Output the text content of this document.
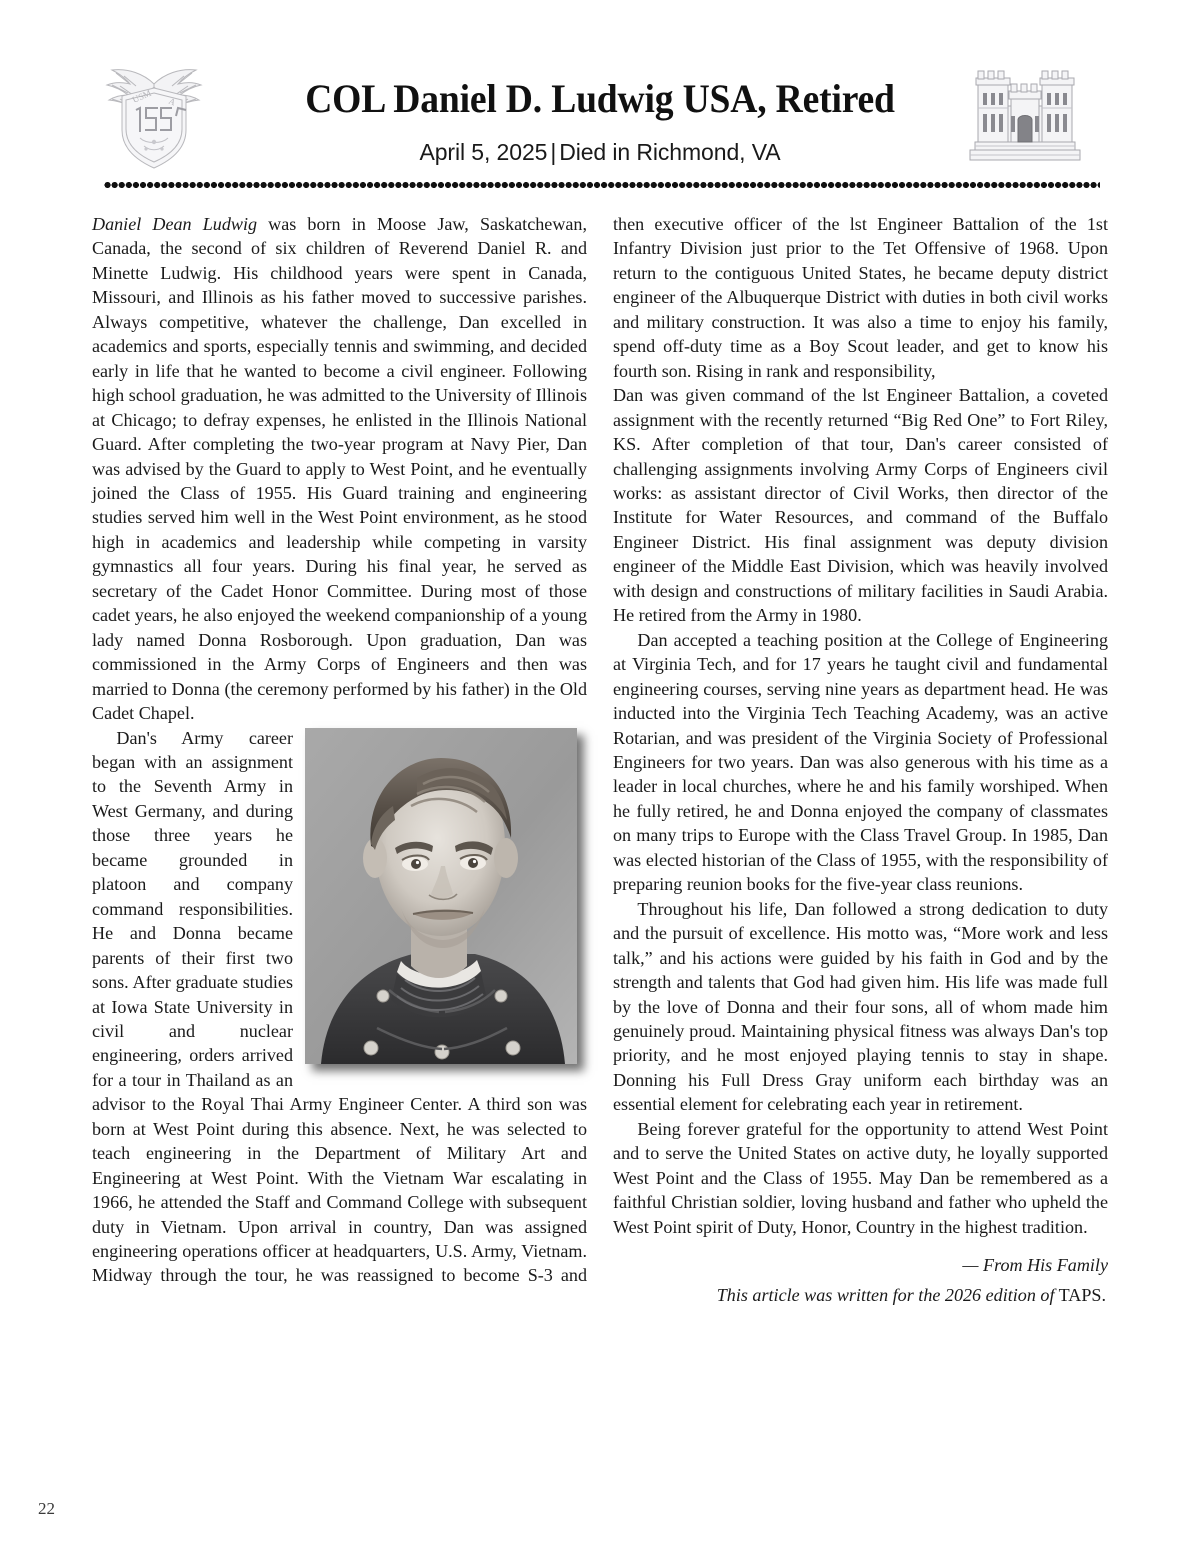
USM A	COL Daniel D. Ludwig USA, Retired

April 5, 2025 | Died in Richmond, VA

Daniel Dean Ludwig was born in Moose Jaw, Saskatchewan, Canada, the second of six children of Reverend Daniel R. and Minette Ludwig. His childhood years were spent in Canada, Missouri, and Illinois as his father moved to successive parishes. Always competitive, whatever the challenge, Dan excelled in academics and sports, especially tennis and swimming, and decided early in life that he wanted to become a civil engineer. Following high school graduation, he was admitted to the University of Illinois at Chicago; to defray expenses, he enlisted in the Illinois National Guard. After completing the two-year program at Navy Pier, Dan was advised by the Guard to apply to West Point, and he eventually joined the Class of 1955. His Guard training and engineering studies served him well in the West Point environment, as he stood high in academics and leadership while competing in varsity gymnastics all four years. During his final year, he served as secretary of the Cadet Honor Committee. During most of those cadet years, he also enjoyed the weekend companionship of a young lady named Donna Rosborough. Upon graduation, Dan was commissioned in the Army Corps of Engineers and then was married to Donna (the ceremony performed by his father) in the Old Cadet Chapel.

Dan's Army career began with an assignment to the Seventh Army in West Germany, and during those three years he became grounded in platoon and company command responsibilities. He and Donna became parents of their first two sons. After graduate studies at Iowa State University in civil and nuclear engineering, orders arrived for a tour in Thailand as an advisor to the Royal Thai Army Engineer Center. A third son was born at West Point during this absence. Next, he was selected to teach engineering in the Department of Military Art and Engineering at West Point. With the Vietnam War escalating in 1966, he attended the Staff and Command College with subsequent duty in Vietnam. Upon arrival in country, Dan was assigned engineering operations officer at headquarters, U.S. Army, Vietnam. Midway through the tour, he was reassigned to become S-3 and then executive officer of the lst Engineer Battalion of the 1st Infantry Division just prior to the Tet Offensive of 1968. Upon return to the contiguous United States, he became deputy district engineer of the Albuquerque District with duties in both civil works and military construction. It was also a time to enjoy his family, spend off-duty time as a Boy Scout leader, and get to know his fourth son. Rising in rank and responsibility,

Dan was given command of the lst Engineer Battalion, a coveted assignment with the recently returned “Big Red One” to Fort Riley, KS. After completion of that tour, Dan's career consisted of challenging assignments involving Army Corps of Engineers civil works: as assistant director of Civil Works, then director of the Institute for Water Resources, and command of the Buffalo Engineer District. His final assignment was deputy division engineer of the Middle East Division, which was heavily involved with design and constructions of military facilities in Saudi Arabia. He retired from the Army in 1980.

Dan accepted a teaching position at the College of Engineering at Virginia Tech, and for 17 years he taught civil and fundamental engineering courses, serving nine years as department head. He was inducted into the Virginia Tech Teaching Academy, was an active Rotarian, and was president of the Virginia Society of Professional Engineers for two years. Dan was also generous with his time as a leader in local churches, where he and his family worshiped. When he fully retired, he and Donna enjoyed the company of classmates on many trips to Europe with the Class Travel Group. In 1985, Dan was elected historian of the Class of 1955, with the responsibility of preparing reunion books for the five-year class reunions.

Throughout his life, Dan followed a strong dedication to duty and the pursuit of excellence. His motto was, “More work and less talk,” and his actions were guided by his faith in God and by the strength and talents that God had given him. His life was made full by the love of Donna and their four sons, all of whom made him genuinely proud. Maintaining physical fitness was always Dan's top priority, and he most enjoyed playing tennis to stay in shape. Donning his Full Dress Gray uniform each birthday was an essential element for celebrating each year in retirement.

Being forever grateful for the opportunity to attend West Point and to serve the United States on active duty, he loyally supported West Point and the Class of 1955. May Dan be remembered as a faithful Christian soldier, loving husband and father who upheld the West Point spirit of Duty, Honor, Country in the highest tradition.

— From His Family

This article was written for the 2026 edition of TAPS.

22
